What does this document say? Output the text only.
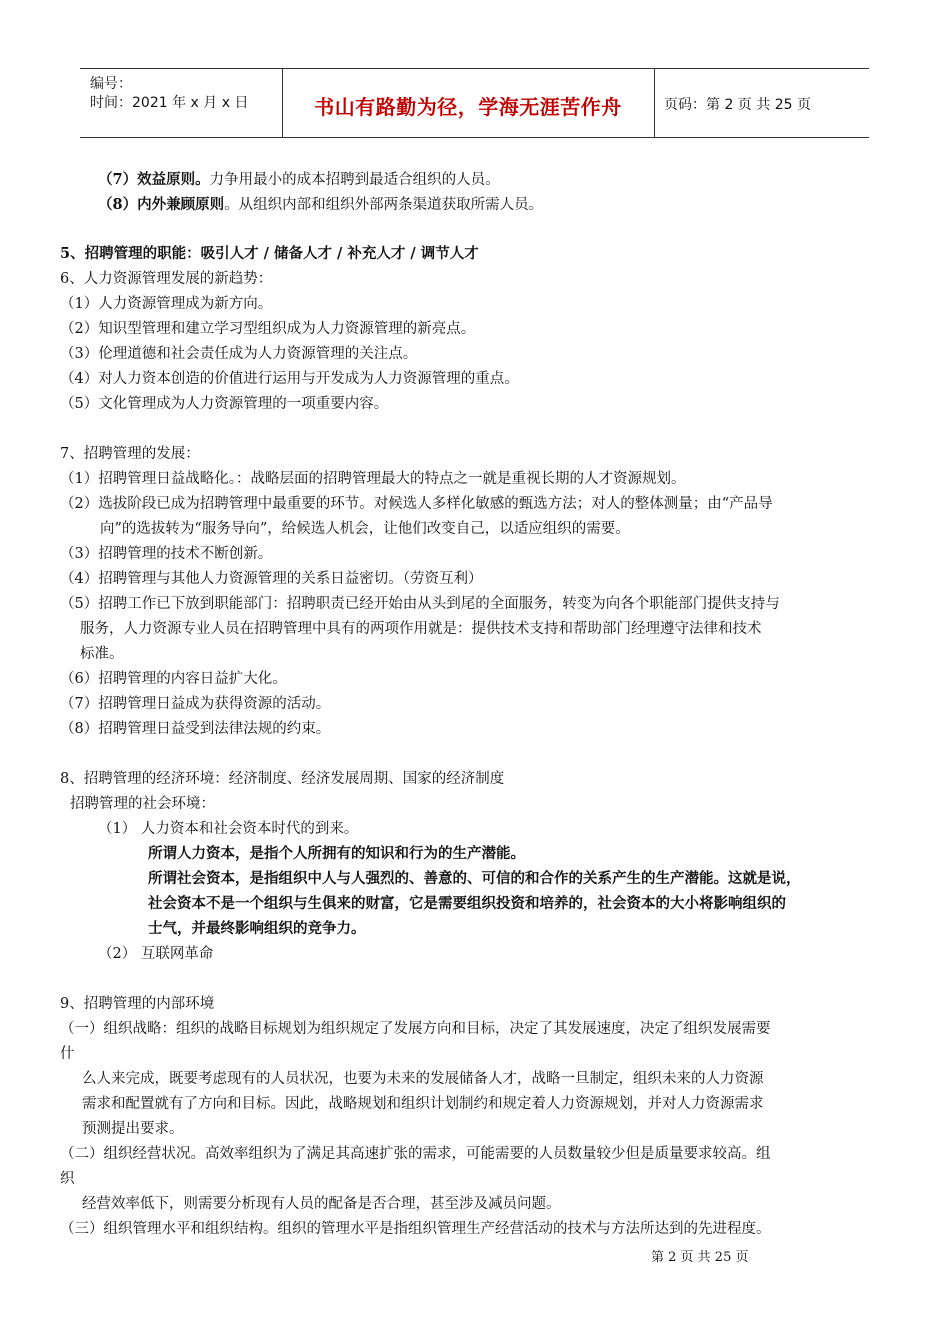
编号：
时间：2021 年 x 月 x 日	书山有路勤为径，学海无涯苦作舟	页码：第 2 页 共 25 页
（7）效益原则。力争用最小的成本招聘到最适合组织的人员。
（8）内外兼顾原则。从组织内部和组织外部两条渠道获取所需人员。
5、招聘管理的职能：吸引人才 / 储备人才 / 补充人才 / 调节人才
6、人力资源管理发展的新趋势：
（1）人力资源管理成为新方向。
（2）知识型管理和建立学习型组织成为人力资源管理的新亮点。
（3）伦理道德和社会责任成为人力资源管理的关注点。
（4）对人力资本创造的价值进行运用与开发成为人力资源管理的重点。
（5）文化管理成为人力资源管理的一项重要内容。
7、招聘管理的发展：
（1）招聘管理日益战略化。：战略层面的招聘管理最大的特点之一就是重视长期的人才资源规划。
（2）选拔阶段已成为招聘管理中最重要的环节。对候选人多样化敏感的甄选方法；对人的整体测量；由“产品导
向”的选拔转为“服务导向”，给候选人机会，让他们改变自己，以适应组织的需要。
（3）招聘管理的技术不断创新。
（4）招聘管理与其他人力资源管理的关系日益密切。（劳资互利）
（5）招聘工作已下放到职能部门：招聘职责已经开始由从头到尾的全面服务，转变为向各个职能部门提供支持与
服务，人力资源专业人员在招聘管理中具有的两项作用就是：提供技术支持和帮助部门经理遵守法律和技术
标准。
（6）招聘管理的内容日益扩大化。
（7）招聘管理日益成为获得资源的活动。
（8）招聘管理日益受到法律法规的约束。
8、招聘管理的经济环境：经济制度、经济发展周期、国家的经济制度
招聘管理的社会环境：
（1） 人力资本和社会资本时代的到来。
所谓人力资本，是指个人所拥有的知识和行为的生产潜能。
所谓社会资本，是指组织中人与人强烈的、善意的、可信的和合作的关系产生的生产潜能。这就是说，
社会资本不是一个组织与生俱来的财富，它是需要组织投资和培养的，社会资本的大小将影响组织的
士气，并最终影响组织的竞争力。
（2） 互联网革命
9、招聘管理的内部环境
（一）组织战略：组织的战略目标规划为组织规定了发展方向和目标，决定了其发展速度，决定了组织发展需要
什
么人来完成，既要考虑现有的人员状况，也要为未来的发展储备人才，战略一旦制定，组织未来的人力资源
需求和配置就有了方向和目标。因此，战略规划和组织计划制约和规定着人力资源规划，并对人力资源需求
预测提出要求。
（二）组织经营状况。高效率组织为了满足其高速扩张的需求，可能需要的人员数量较少但是质量要求较高。组
织
经营效率低下，则需要分析现有人员的配备是否合理，甚至涉及减员问题。
（三）组织管理水平和组织结构。组织的管理水平是指组织管理生产经营活动的技术与方法所达到的先进程度。
第 2 页 共 25 页
